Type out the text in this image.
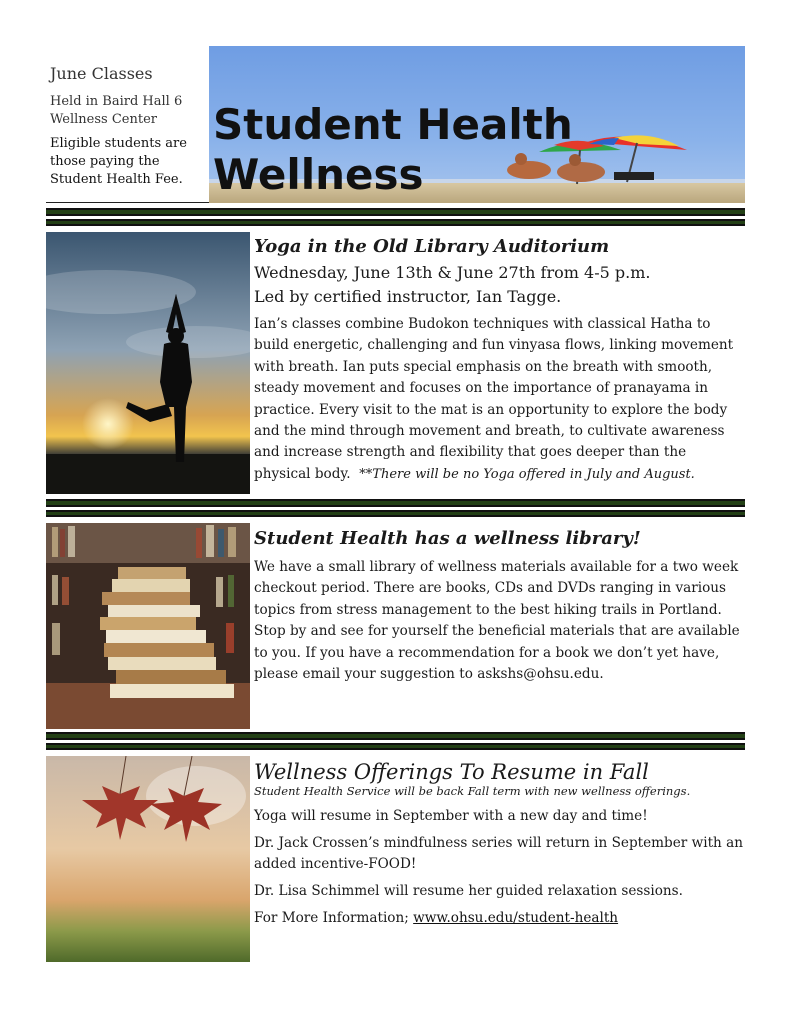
June Classes
Held in Baird Hall 6
Wellness Center
Eligible students are those paying the Student Health Fee.
Student Health
Wellness
Yoga in the Old Library Auditorium
Wednesday, June 13th & June 27th from 4-5 p.m.
Led by certified instructor, Ian Tagge.

Ian’s classes combine Budokon techniques with classical Hatha to build energetic, challenging and fun vinyasa flows, linking movement with breath. Ian puts special emphasis on the breath with smooth, steady movement and focuses on the importance of pranayama in practice. Every visit to the mat is an opportunity to explore the body and the mind through movement and breath, to cultivate awareness and increase strength and flexibility that goes deeper than the physical body. **There will be no Yoga offered in July and August.

Student Health has a wellness library!

We have a small library of wellness materials available for a two week checkout period. There are books, CDs and DVDs ranging in various topics from stress management to the best hiking trails in Portland. Stop by and see for yourself the beneficial materials that are available to you. If you have a recommendation for a book we don’t yet have, please email your suggestion to askshs@ohsu.edu.

Wellness Offerings To Resume in Fall

Student Health Service will be back Fall term with new wellness offerings.

Yoga will resume in September with a new day and time!

Dr. Jack Crossen’s mindfulness series will return in September with an added incentive-FOOD!

Dr. Lisa Schimmel will resume her guided relaxation sessions.

For More Information; www.ohsu.edu/student-health
